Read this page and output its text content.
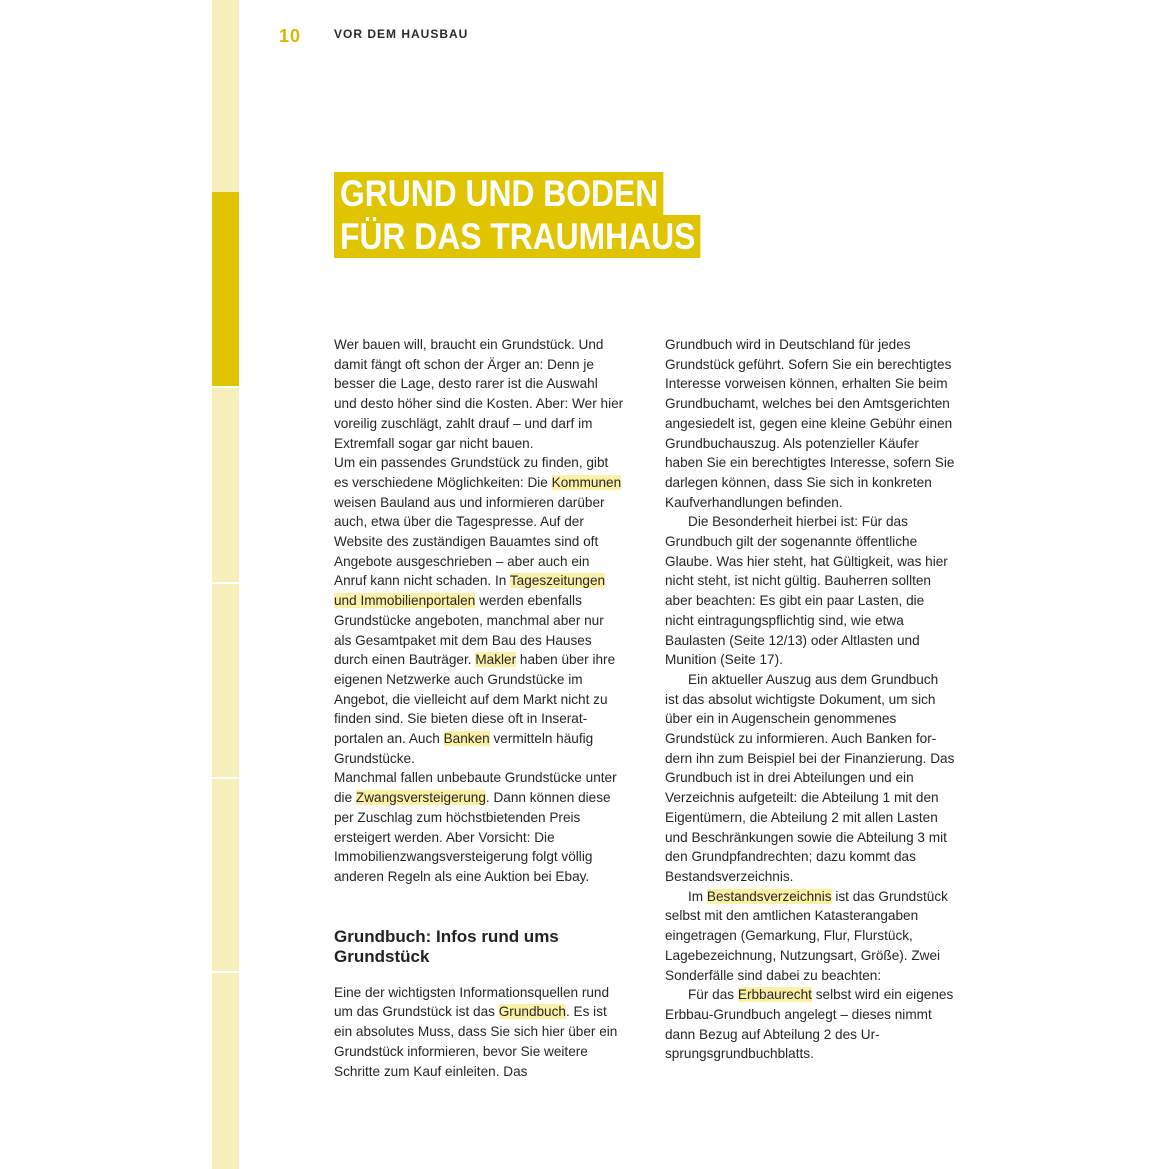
10	VOR DEM HAUSBAU
GRUND UND BODEN
FÜR DAS TRAUMHAUS

Wer bauen will, braucht ein Grundstück. Und damit fängt oft schon der Ärger an: Denn je besser die Lage, desto rarer ist die Auswahl und desto höher sind die Kosten. Aber: Wer hier voreilig zuschlägt, zahlt drauf – und darf im Extremfall sogar gar nicht bauen.

Um ein passendes Grundstück zu finden, gibt es verschiedene Möglichkeiten: Die Kommunen weisen Bauland aus und informieren darüber auch, etwa über die Tagespresse. Auf der Website des zuständigen Bauamtes sind oft Angebote ausgeschrieben – aber auch ein Anruf kann nicht schaden. In Tageszeitungen und Immobilienportalen werden ebenfalls Grundstücke angeboten, manchmal aber nur als Gesamtpaket mit dem Bau des Hauses durch einen Bauträger. Makler haben über ihre eigenen Netzwerke auch Grundstücke im Angebot, die vielleicht auf dem Markt nicht zu finden sind. Sie bieten diese oft in Inseratportalen an. Auch Banken vermitteln häufig Grundstücke.

Manchmal fallen unbebaute Grundstücke unter die Zwangsversteigerung. Dann können diese per Zuschlag zum höchstbietenden Preis ersteigert werden. Aber Vorsicht: Die Immobilienzwangsversteigerung folgt völlig anderen Regeln als eine Auktion bei Ebay.

Grundbuch: Infos rund ums Grundstück

Eine der wichtigsten Informationsquellen rund um das Grundstück ist das Grundbuch. Es ist ein absolutes Muss, dass Sie sich hier über ein Grundstück informieren, bevor Sie weitere Schritte zum Kauf einleiten. Das

Grundbuch wird in Deutschland für jedes Grundstück geführt. Sofern Sie ein berechtigtes Interesse vorweisen können, erhalten Sie beim Grundbuchamt, welches bei den Amtsgerichten angesiedelt ist, gegen eine kleine Gebühr einen Grundbuchauszug. Als potenzieller Käufer haben Sie ein berechtigtes Interesse, sofern Sie darlegen können, dass Sie sich in konkreten Kaufverhandlungen befinden.

Die Besonderheit hierbei ist: Für das Grundbuch gilt der sogenannte öffentliche Glaube. Was hier steht, hat Gültigkeit, was hier nicht steht, ist nicht gültig. Bauherren sollten aber beachten: Es gibt ein paar Lasten, die nicht eintragungspflichtig sind, wie etwa Baulasten (Seite 12/13) oder Altlasten und Munition (Seite 17).

Ein aktueller Auszug aus dem Grundbuch ist das absolut wichtigste Dokument, um sich über ein in Augenschein genommenes Grundstück zu informieren. Auch Banken fordern ihn zum Beispiel bei der Finanzierung. Das Grundbuch ist in drei Abteilungen und ein Verzeichnis aufgeteilt: die Abteilung 1 mit den Eigentümern, die Abteilung 2 mit allen Lasten und Beschränkungen sowie die Abteilung 3 mit den Grundpfandrechten; dazu kommt das Bestandsverzeichnis.

Im Bestandsverzeichnis ist das Grundstück selbst mit den amtlichen Katasterangaben eingetragen (Gemarkung, Flur, Flurstück, Lagebezeichnung, Nutzungsart, Größe). Zwei Sonderfälle sind dabei zu beachten:

Für das Erbbaurecht selbst wird ein eigenes Erbbau-Grundbuch angelegt – dieses nimmt dann Bezug auf Abteilung 2 des Ursprungsgrundbuchblatts.
